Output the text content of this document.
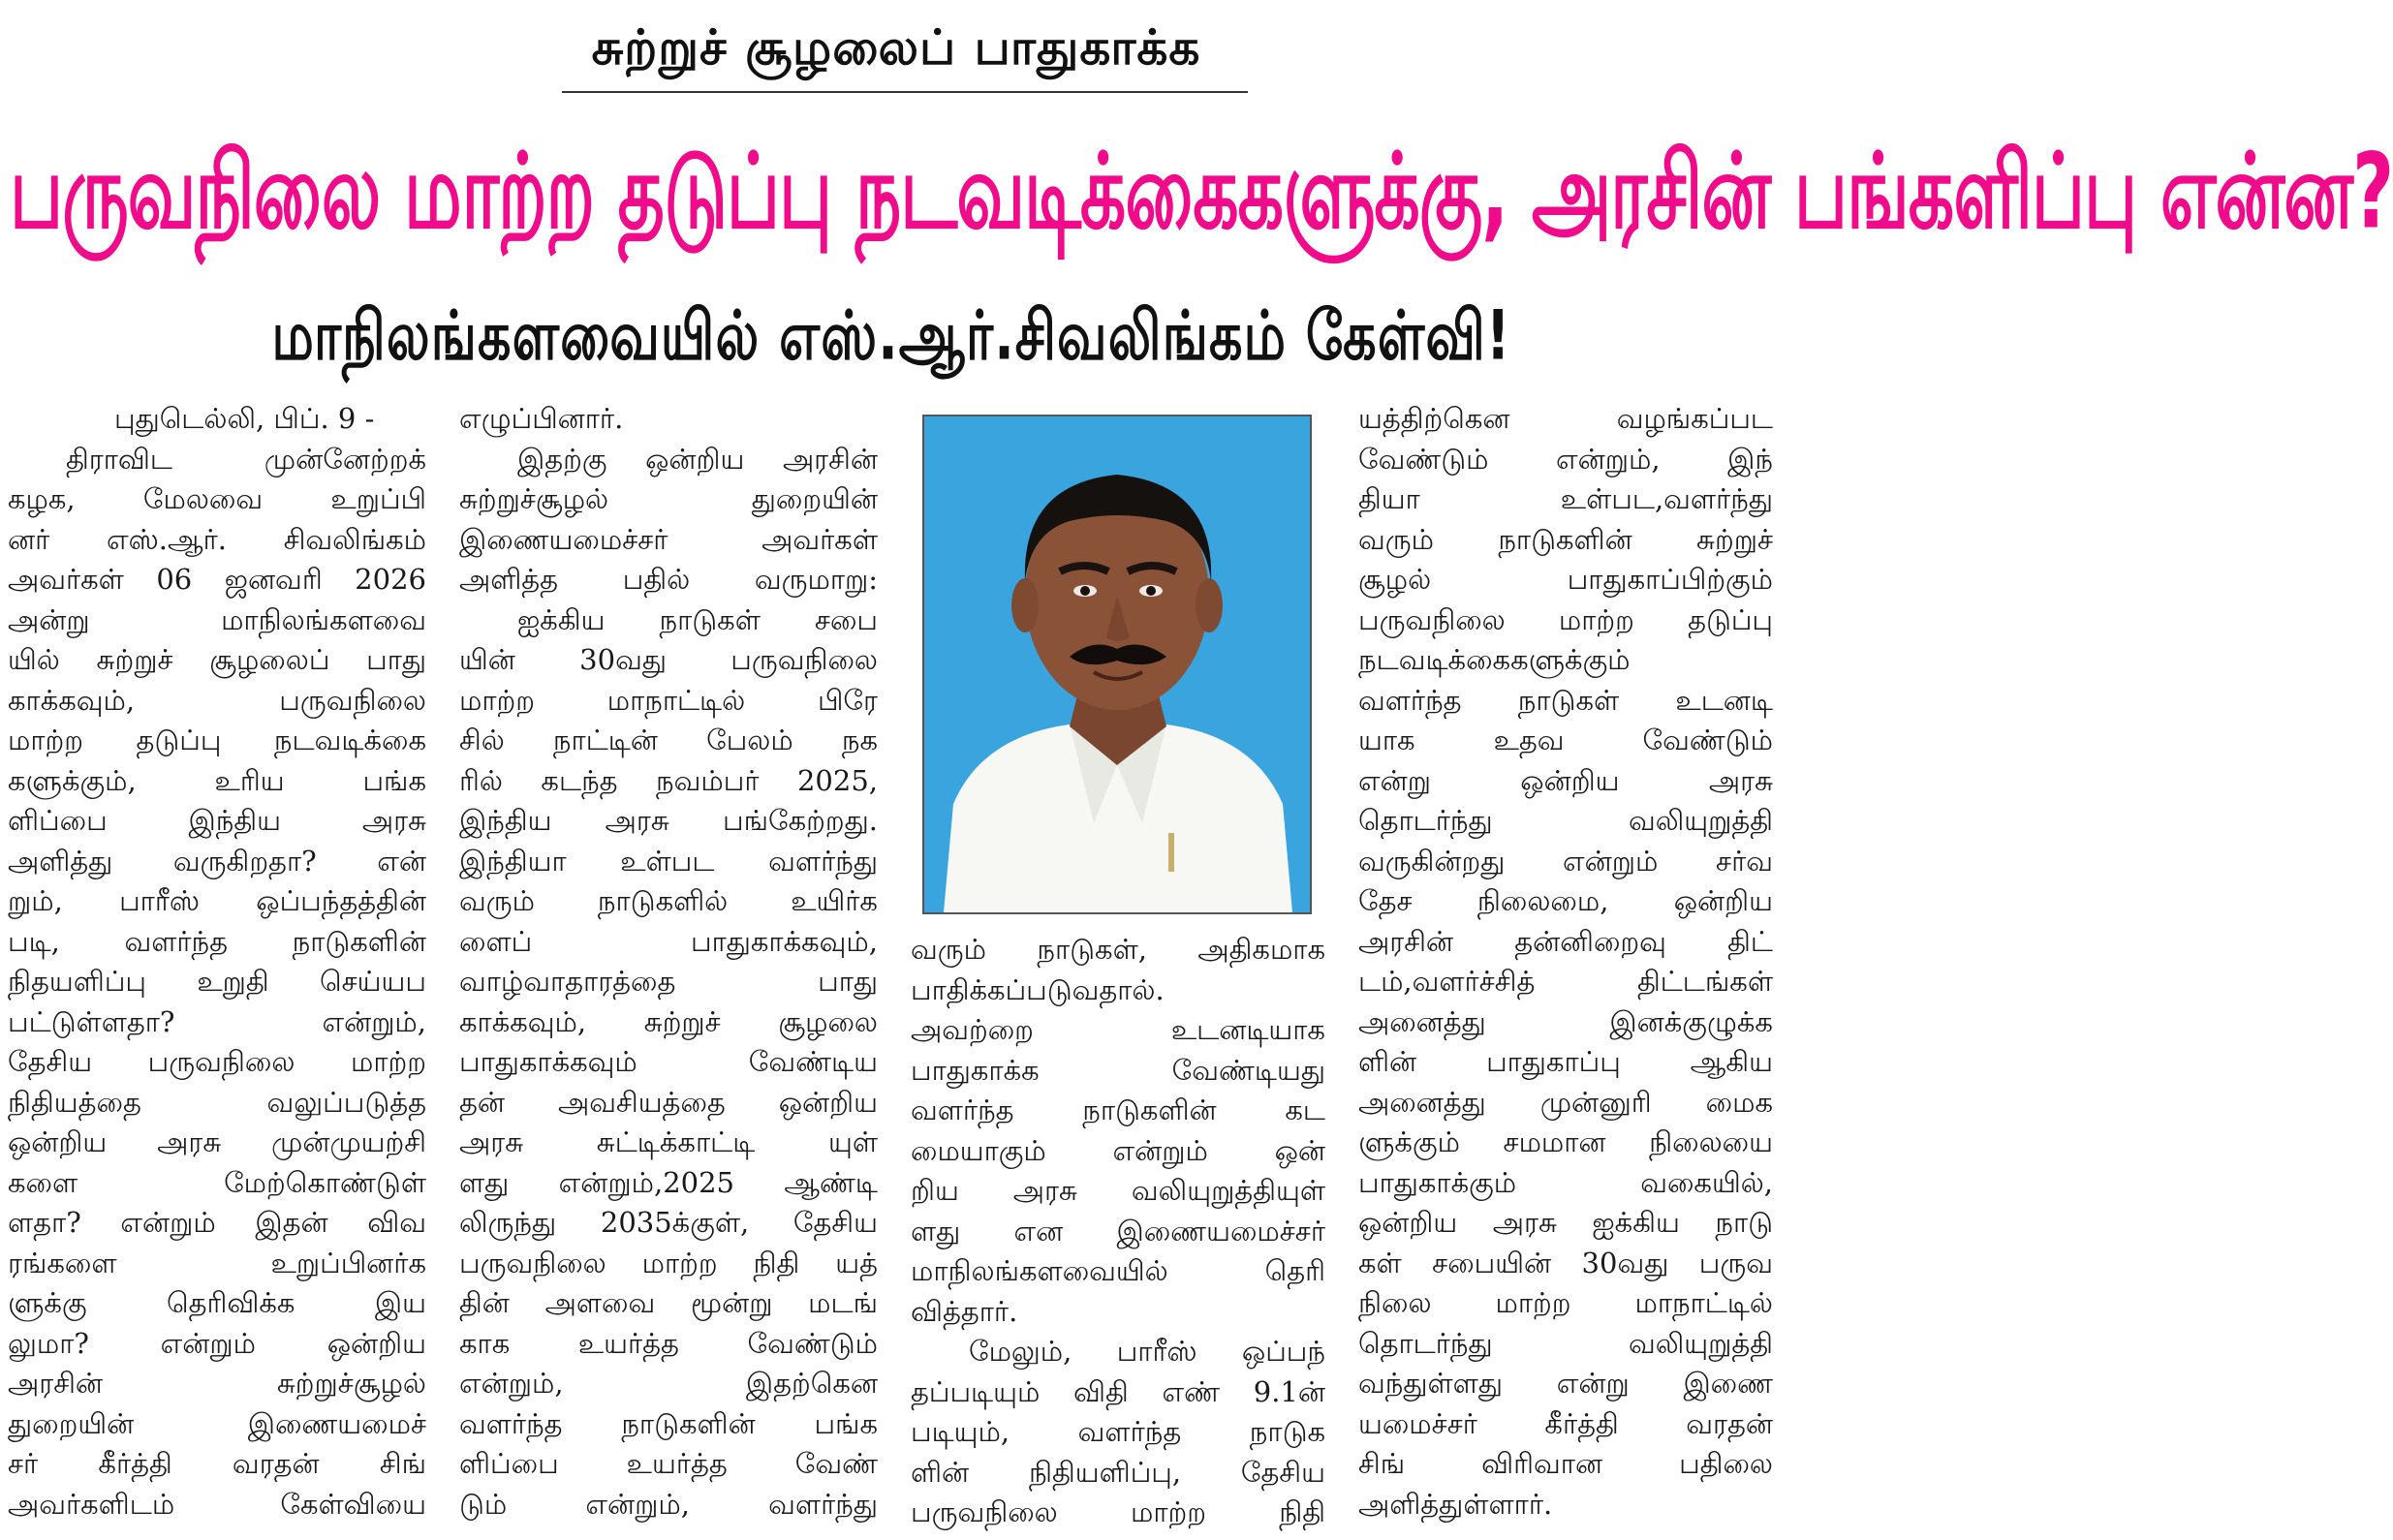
சுற்றுச் சூழலைப் பாதுகாக்க
பருவநிலை மாற்ற தடுப்பு நடவடிக்கைகளுக்கு, அரசின் பங்களிப்பு என்ன?
மாநிலங்களவையில் எஸ்.ஆர்.சிவலிங்கம் கேள்வி!
புதுடெல்லி, பிப். 9 -
திராவிட முன்னேற்றக்
கழக, மேலவை உறுப்பி
னர் எஸ்.ஆர். சிவலிங்கம்
அவர்கள் 06 ஜனவரி 2026
அன்று மாநிலங்களவை
யில் சுற்றுச் சூழலைப் பாது
காக்கவும், பருவநிலை
மாற்ற தடுப்பு நடவடிக்கை
களுக்கும், உரிய பங்க
ளிப்பை இந்திய அரசு
அளித்து வருகிறதா? என்
றும், பாரீஸ் ஒப்பந்தத்தின்
படி, வளர்ந்த நாடுகளின்
நிதயளிப்பு உறுதி செய்யப
பட்டுள்ளதா? என்றும்,
தேசிய பருவநிலை மாற்ற
நிதியத்தை வலுப்படுத்த
ஒன்றிய அரசு முன்முயற்சி
களை மேற்கொண்டுள்
ளதா? என்றும் இதன் விவ
ரங்களை உறுப்பினர்க
ளுக்கு தெரிவிக்க இய
லுமா? என்றும் ஒன்றிய
அரசின் சுற்றுச்சூழல்
துறையின் இணையமைச்
சர் கீர்த்தி வரதன் சிங்
அவர்களிடம் கேள்வியை
எழுப்பினார்.
இதற்கு ஒன்றிய அரசின்
சுற்றுச்சூழல் துறையின்
இணையமைச்சர் அவர்கள்
அளித்த பதில் வருமாறு:
ஐக்கிய நாடுகள் சபை
யின் 30வது பருவநிலை
மாற்ற மாநாட்டில் பிரே
சில் நாட்டின் பேலம் நக
ரில் கடந்த நவம்பர் 2025,
இந்திய அரசு பங்கேற்றது.
இந்தியா உள்பட வளர்ந்து
வரும் நாடுகளில் உயிர்க
ளைப் பாதுகாக்கவும்,
வாழ்வாதாரத்தை பாது
காக்கவும், சுற்றுச் சூழலை
பாதுகாக்கவும் வேண்டிய
தன் அவசியத்தை ஒன்றிய
அரசு சுட்டிக்காட்டி யுள்
ளது என்றும்,2025 ஆண்டி
லிருந்து 2035க்குள், தேசிய
பருவநிலை மாற்ற நிதி யத்
தின் அளவை மூன்று மடங்
காக உயர்த்த வேண்டும்
என்றும், இதற்கென
வளர்ந்த நாடுகளின் பங்க
ளிப்பை உயர்த்த வேண்
டும் என்றும், வளர்ந்து
வரும் நாடுகள், அதிகமாக
பாதிக்கப்படுவதால்.
அவற்றை உடனடியாக
பாதுகாக்க வேண்டியது
வளர்ந்த நாடுகளின் கட
மையாகும் என்றும் ஒன்
றிய அரசு வலியுறுத்தியுள்
ளது என இணையமைச்சர்
மாநிலங்களவையில் தெரி
வித்தார்.
மேலும், பாரீஸ் ஒப்பந்
தப்படியும் விதி எண் 9.1ன்
படியும், வளர்ந்த நாடுக
ளின் நிதியளிப்பு, தேசிய
பருவநிலை மாற்ற நிதி
யத்திற்கென வழங்கப்பட
வேண்டும் என்றும், இந்
தியா உள்பட,வளர்ந்து
வரும் நாடுகளின் சுற்றுச்
சூழல் பாதுகாப்பிற்கும்
பருவநிலை மாற்ற தடுப்பு
நடவடிக்கைகளுக்கும்
வளர்ந்த நாடுகள் உடனடி
யாக உதவ வேண்டும்
என்று ஒன்றிய அரசு
தொடர்ந்து வலியுறுத்தி
வருகின்றது என்றும் சர்வ
தேச நிலைமை, ஒன்றிய
அரசின் தன்னிறைவு திட்
டம்,வளர்ச்சித் திட்டங்கள்
அனைத்து இனக்குழுக்க
ளின் பாதுகாப்பு ஆகிய
அனைத்து முன்னுரி மைக
ளுக்கும் சமமான நிலையை
பாதுகாக்கும் வகையில்,
ஒன்றிய அரசு ஐக்கிய நாடு
கள் சபையின் 30வது பருவ
நிலை மாற்ற மாநாட்டில்
தொடர்ந்து வலியுறுத்தி
வந்துள்ளது என்று இணை
யமைச்சர் கீர்த்தி வரதன்
சிங் விரிவான பதிலை
அளித்துள்ளார்.
